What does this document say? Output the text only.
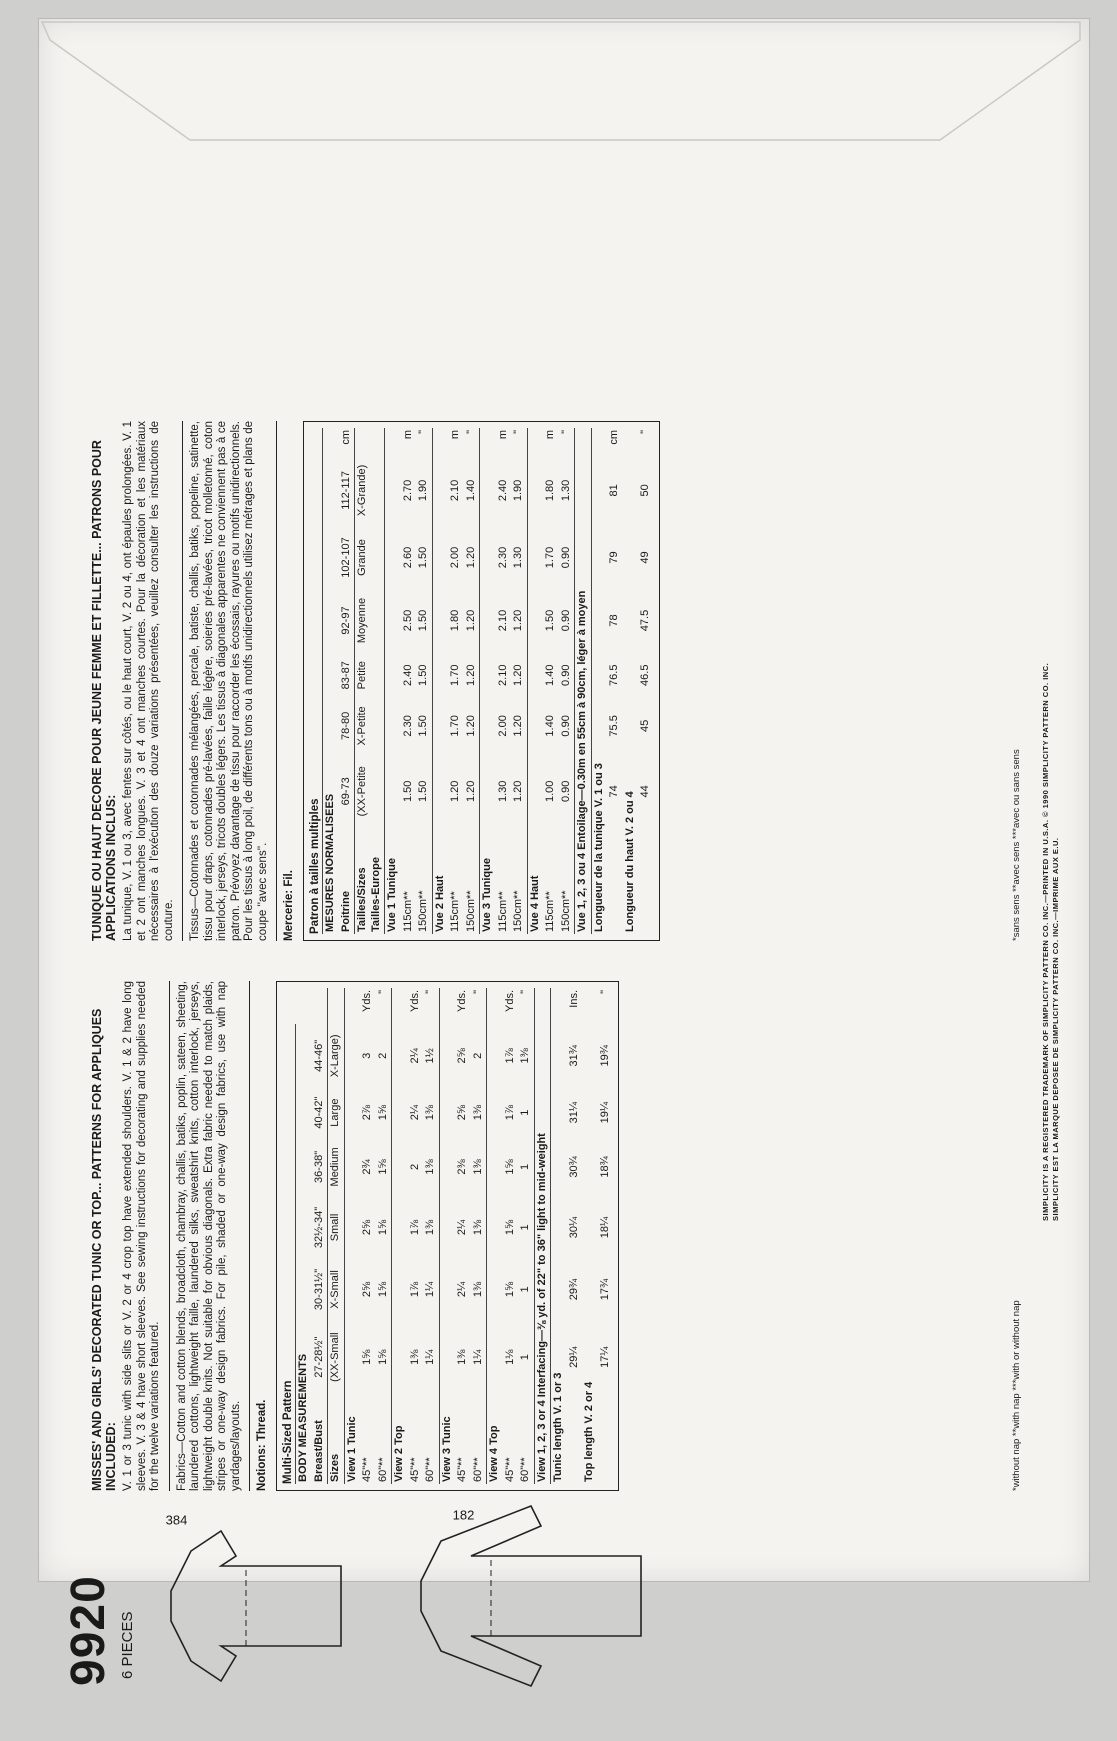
9920 6 PIECES
384	182

MISSES' AND GIRLS' DECORATED TUNIC OR TOP... PATTERNS FOR APPLIQUES INCLUDED: V. 1 or 3 tunic with side slits or V. 2 or 4 crop top have extended shoulders. V. 1 & 2 have long sleeves. V. 3 & 4 have short sleeves. See sewing instructions for decorating and supplies needed for the twelve variations featured. Fabrics—Cotton and cotton blends, broadcloth, chambray, challis, batiks, poplin, sateen, sheeting, laundered cottons, lightweight faille, laundered silks, sweatshirt knits, cotton interlock, jerseys, lightweight double knits. Not suitable for obvious diagonals. Extra fabric needed to match plaids, stripes or one-way design fabrics. For pile, shaded or one-way design fabrics, use with nap yardages/layouts. Notions: Thread. Multi-Sized Pattern BODY MEASUREMENTS							
Breast/Bust	27-28½"	30-31½"	32½-34"	36-38"	40-42"	44-46"	
Sizes	(XX-Small	X-Small	Small	Medium	Large	X-Large)	
View 1 Tunic							
45"**	1⅝	2⅝	2⅝	2¾	2⅞	3	Yds.
60"**	1⅝	1⅝	1⅝	1⅝	1⅝	2	"
View 2 Top							
45"**	1⅜	1⅞	1⅞	2	2¼	2¼	Yds.
60"**	1¼	1¼	1⅜	1⅜	1⅜	1½	"
View 3 Tunic							
45"**	1⅜	2¼	2¼	2⅜	2⅝	2⅝	Yds.
60"**	1¼	1⅜	1⅜	1⅜	1⅜	2	"
View 4 Top							
45"**	1⅛	1⅝	1⅝	1⅝	1⅞	1⅞	Yds.
60"**	1	1	1	1	1	1⅜	"
View 1, 2, 3 or 4 Interfacing—⅜ yd. of 22" to 36" light to mid-weight							
Tunic length V. 1 or 3							
	29¼	29¾	30¼	30¾	31¼	31¾	Ins.
Top length V. 2 or 4							
	17¼	17¾	18¼	18¾	19¼	19¾	"

TUNIQUE OU HAUT DECORE POUR JEUNE FEMME ET FILLETTE... PATRONS POUR APPLICATIONS INCLUS: La tunique, V. 1 ou 3, avec fentes sur côtés, ou le haut court, V. 2 ou 4, ont épaules prolongées. V. 1 et 2 ont manches longues. V. 3 et 4 ont manches courtes. Pour la décoration et les matériaux nécessaires à l'exécution des douze variations présentées, veuillez consulter les instructions de couture. Tissus—Cotonnades et cotonnades mélangées, percale, batiste, challis, batiks, popeline, satinette, tissu pour draps, cotonnades pré-lavées, faille légère, soieries pré-lavées, tricot molletonné, coton interlock, jerseys, tricots doubles légers. Les tissus à diagonales apparentes ne conviennent pas à ce patron. Prévoyez davantage de tissu pour raccorder les écossais, rayures ou motifs unidirectionnels. Pour les tissus à long poil, de différents tons ou à motifs unidirectionnels utilisez métrages et plans de coupe ''avec sens''. Mercerie: Fil. Patron à tailles multiples MESURES NORMALISEES							
Poitrine	69-73	78-80	83-87	92-97	102-107	112-117	cm
Tailles/Sizes Tailles-Europe	(XX-Petite	X-Petite	Petite	Moyenne	Grande	X-Grande)	
Vue 1 Tunique							
115cm**	1.50	2.30	2.40	2.50	2.60	2.70	m
150cm**	1.50	1.50	1.50	1.50	1.50	1.90	"
Vue 2 Haut							
115cm**	1.20	1.70	1.70	1.80	2.00	2.10	m
150cm**	1.20	1.20	1.20	1.20	1.20	1.40	"
Vue 3 Tunique							
115cm**	1.30	2.00	2.10	2.10	2.30	2.40	m
150cm**	1.20	1.20	1.20	1.20	1.30	1.90	"
Vue 4 Haut							
115cm**	1.00	1.40	1.40	1.50	1.70	1.80	m
150cm**	0.90	0.90	0.90	0.90	0.90	1.30	"
Vue 1, 2, 3 ou 4 Entoilage—0.30m en 55cm à 90cm, léger à moyen							
Longueur de la tunique V. 1 ou 3							
	74	75.5	76.5	78	79	81	cm
Longueur du haut V. 2 ou 4							
	44	45	46.5	47.5	49	50	"
*without nap **with nap ***with or without nap
*sans sens **avec sens ***avec ou sans sens	SIMPLICITY IS A REGISTERED TRADEMARK OF SIMPLICITY PATTERN CO. INC.—PRINTED IN U.S.A. © 1990 SIMPLICITY PATTERN CO. INC. SIMPLICITY EST LA MARQUE DEPOSEE DE SIMPLICITY PATTERN CO. INC.—IMPRIME AUX E.U.
